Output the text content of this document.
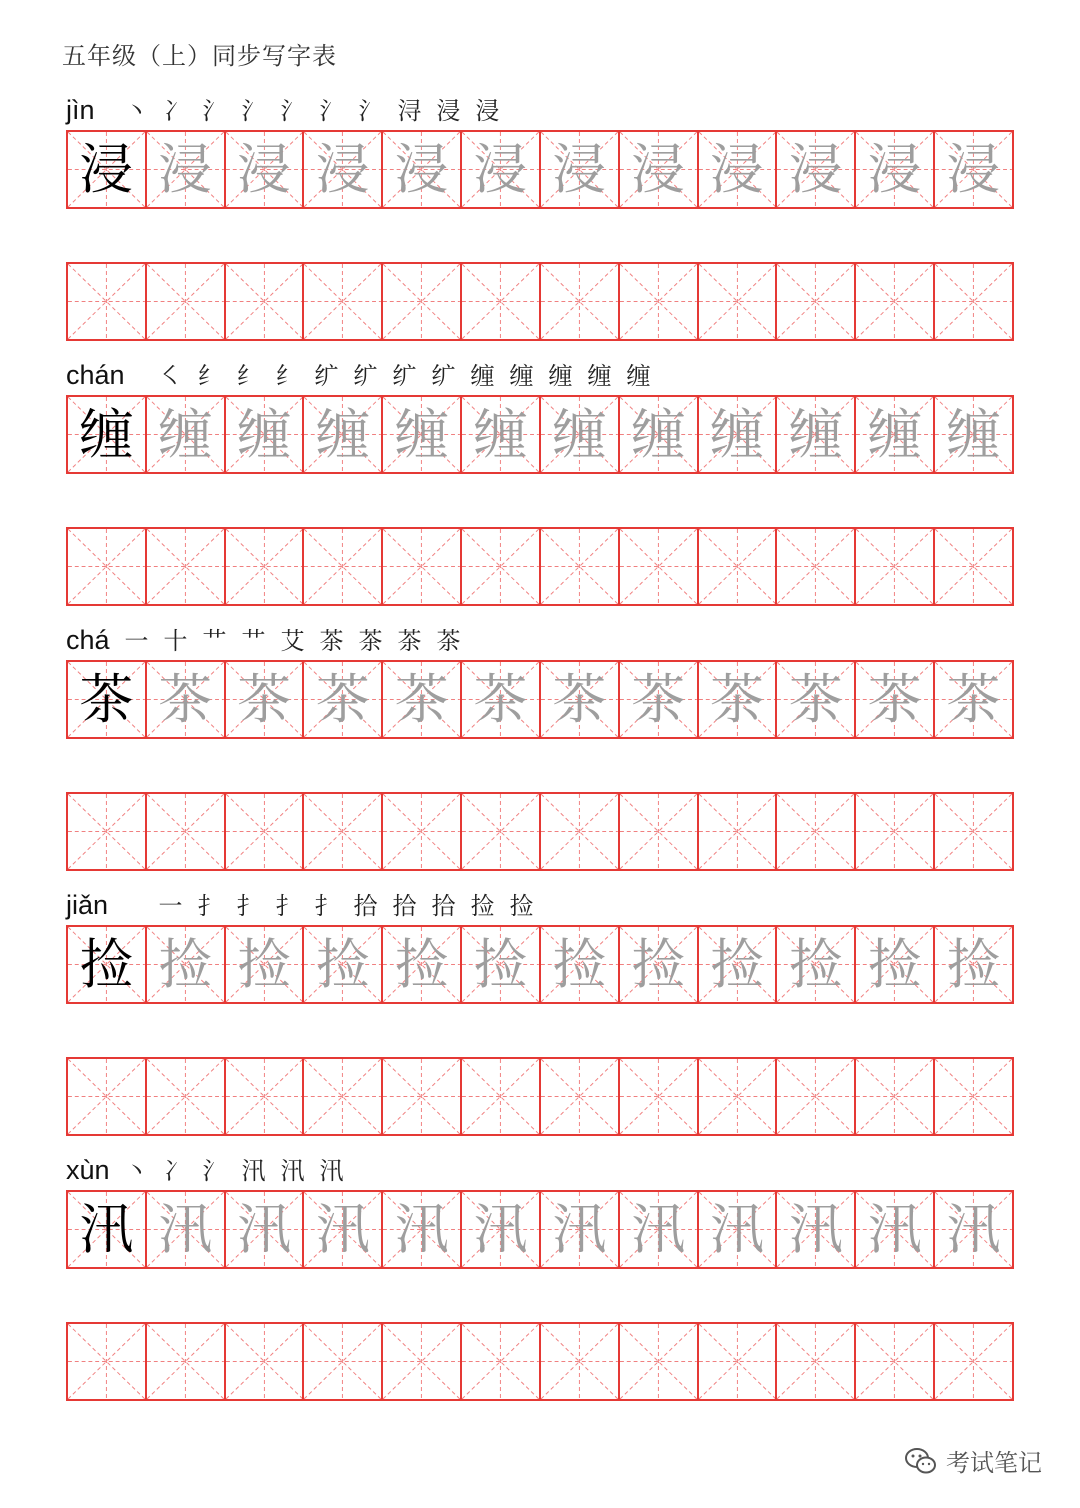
五年级（上）同步写字表
jìn 丶 冫 氵 氵 氵 氵 氵 浔 浸 浸
浸 浸 浸 浸 浸 浸 浸 浸 浸 浸 浸 浸
chán ㇛ 纟 纟 纟 纩 纩 纩 纩 缠 缠 缠 缠 缠
缠 缠 缠 缠 缠 缠 缠 缠 缠 缠 缠 缠
chá 一 十 艹 艹 艾 茶 茶 茶 茶
茶 茶 茶 茶 茶 茶 茶 茶 茶 茶 茶 茶
jiǎn 一 扌 扌 扌 扌 拾 拾 拾 捡 捡
捡 捡 捡 捡 捡 捡 捡 捡 捡 捡 捡 捡
xùn 丶 冫 氵 汛 汛 汛
汛 汛 汛 汛 汛 汛 汛 汛 汛 汛 汛 汛
考试笔记
